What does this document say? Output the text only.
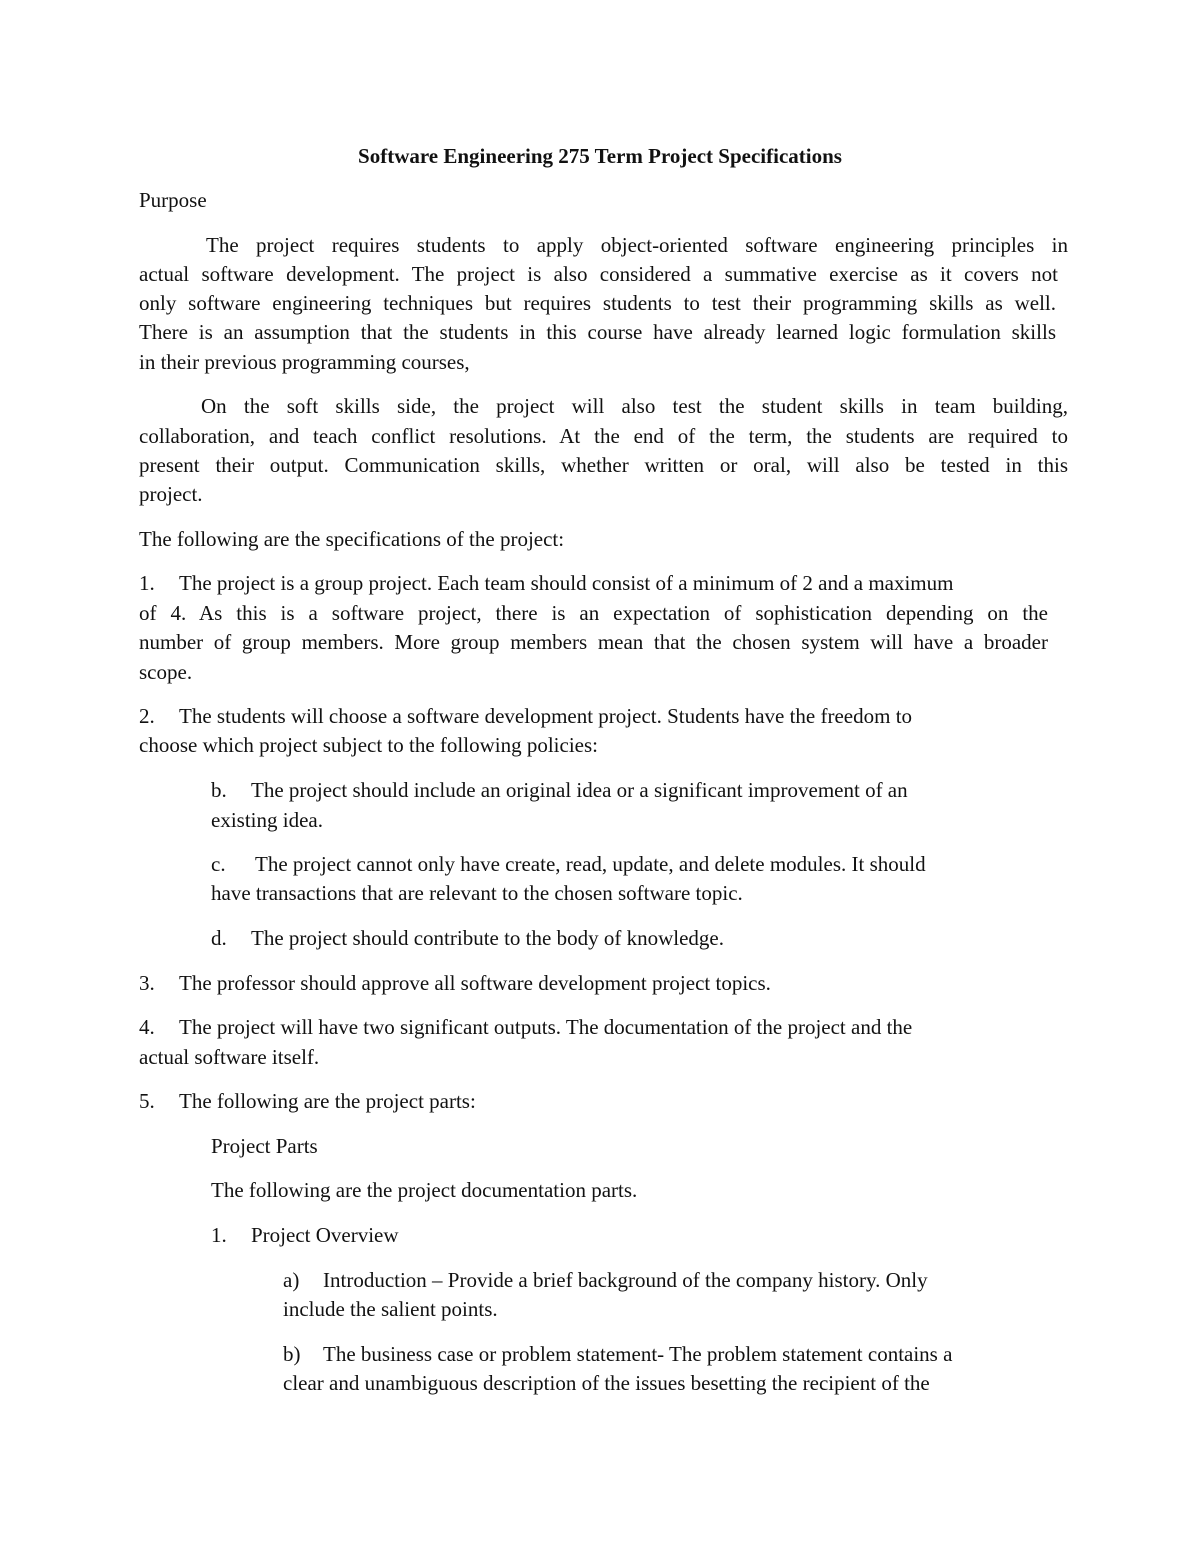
Software Engineering 275 Term Project Specifications

Purpose

The project requires students to apply object-oriented software engineering principles in

actual software development. The project is also considered a summative exercise as it covers not

only software engineering techniques but requires students to test their programming skills as well.

There is an assumption that the students in this course have already learned logic formulation skills

in their previous programming courses,

On the soft skills side, the project will also test the student skills in team building,

collaboration, and teach conflict resolutions. At the end of the term, the students are required to

present their output. Communication skills, whether written or oral, will also be tested in this

project.

The following are the specifications of the project:

1. The project is a group project. Each team should consist of a minimum of 2 and a maximum

of 4. As this is a software project, there is an expectation of sophistication depending on the

number of group members. More group members mean that the chosen system will have a broader

scope.

2. The students will choose a software development project. Students have the freedom to

choose which project subject to the following policies:

b. The project should include an original idea or a significant improvement of an

existing idea.

c. The project cannot only have create, read, update, and delete modules. It should

have transactions that are relevant to the chosen software topic.

d. The project should contribute to the body of knowledge.

3. The professor should approve all software development project topics.

4. The project will have two significant outputs. The documentation of the project and the

actual software itself.

5. The following are the project parts:

Project Parts

The following are the project documentation parts.

1. Project Overview

a) Introduction – Provide a brief background of the company history. Only

include the salient points.

b) The business case or problem statement- The problem statement contains a

clear and unambiguous description of the issues besetting the recipient of the
